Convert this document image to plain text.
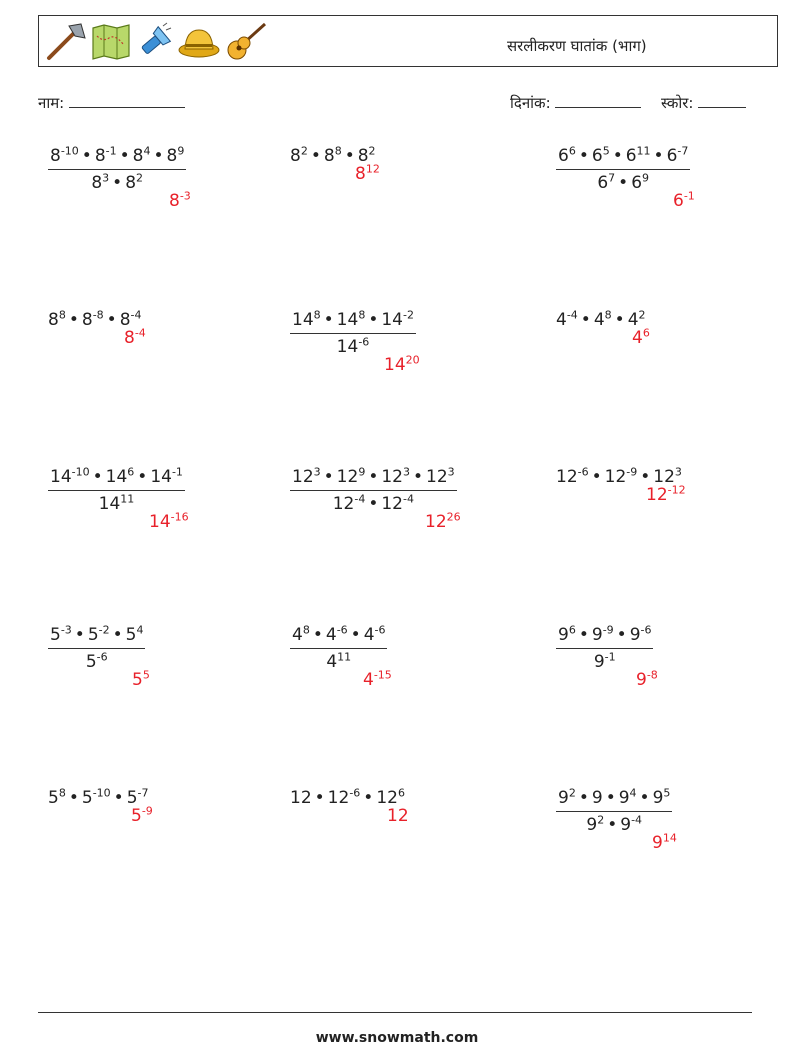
सरलीकरण घातांक (भाग)
नाम:	दिनांक:	स्कोर:
$\frac{8^{-10} • 8^{-1} • 8^4 • 8^9}{8^3 • 8^2}$
$8^{-3}$
$8^2$ • $8^8$ • $8^2$
$8^{12}$	$\frac{6^6 • 6^5 • 6^{11} • 6^{-7}}{6^7 • 6^9}$
$6^{-1}$
$8^8$ • $8^{-8}$ • $8^{-4}$
$8^{-4}$	$\frac{14^8 • 14^8 • 14^{-2}}{14^{-6}}$
$14^{20}$
$4^{-4}$ • $4^8$ • $4^2$
$4^6$
$\frac{14^{-10} • 14^6 • 14^{-1}}{14^{11}}$
$14^{-16}$
$\frac{12^3 • 12^9 • 12^3 • 12^3}{12^{-4} • 12^{-4}}$
$12^{26}$
$12^{-6}$ • $12^{-9}$ • $12^3$
$12^{-12}$
$\frac{5^{-3} • 5^{-2} • 5^4}{5^{-6}}$
$5^5$
$\frac{4^8 • 4^{-6} • 4^{-6}}{4^{11}}$
$4^{-15}$
$\frac{9^6 • 9^{-9} • 9^{-6}}{9^{-1}}$
$9^{-8}$
$5^8$ • $5^{-10}$ • $5^{-7}$
$5^{-9}$
12 • $12^{-6}$ • $12^6$
12	$\frac{9^2 • 9 • 9^4 • 9^5}{9^2 • 9^{-4}}$
$9^{14}$
www.snowmath.com
